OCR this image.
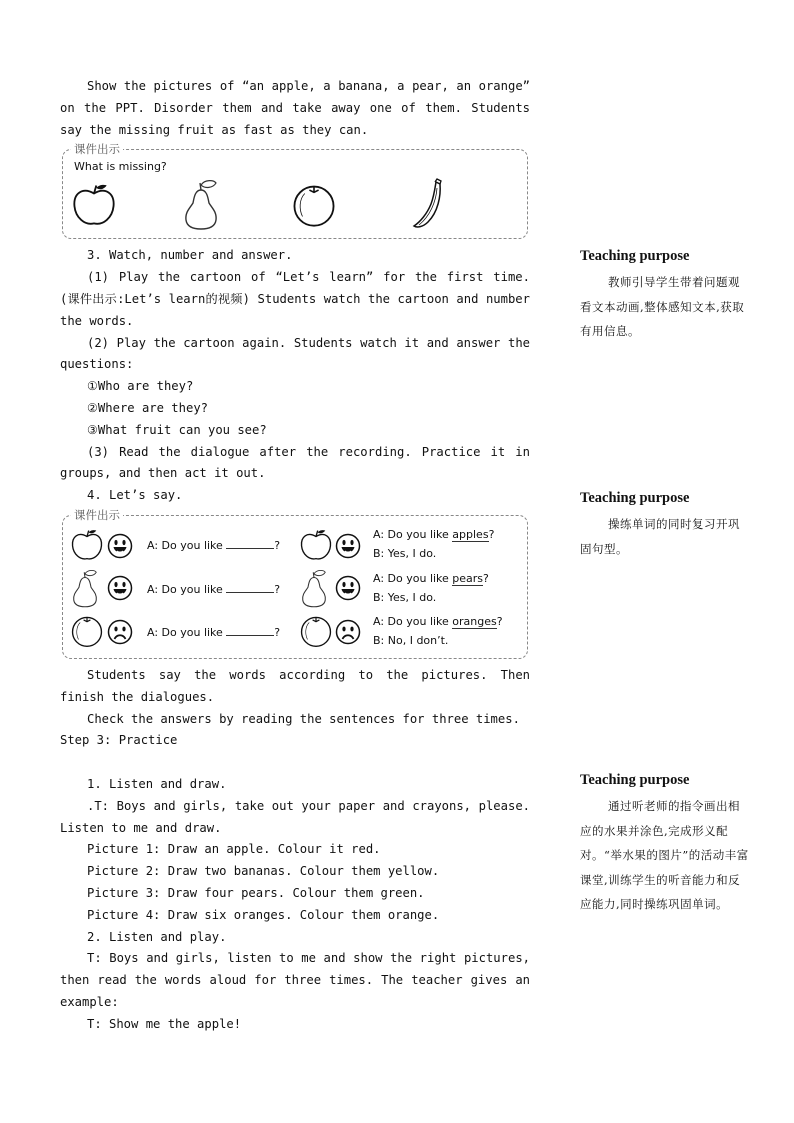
Show the pictures of “an apple, a banana, a pear, an orange” on the PPT. Disorder them and take away one of them. Students say the missing fruit as fast as they can.

课件出示
What is missing?

3. Watch, number and answer.

(1) Play the cartoon of “Let’s learn” for the first time. (课件出示:Let’s learn的视频) Students watch the cartoon and number the words.

(2) Play the cartoon again. Students watch it and answer the questions:

①Who are they?

②Where are they?

③What fruit can you see?

(3) Read the dialogue after the recording. Practice it in groups, and then act it out.

4. Let’s say.

课件出示
A: Do you like	?
A: Do you like apples?
B: Yes, I do.
A: Do you like	?
A: Do you like pears?
B: Yes, I do.
A: Do you like	?
A: Do you like oranges?
B: No, I don’t.

Students say the words according to the pictures. Then finish the dialogues.

Check the answers by reading the sentences for three times.

Step 3: Practice

1. Listen and draw.

.T: Boys and girls, take out your paper and crayons, please. Listen to me and draw.

Picture 1: Draw an apple. Colour it red.

Picture 2: Draw two bananas. Colour them yellow.

Picture 3: Draw four pears. Colour them green.

Picture 4: Draw six oranges. Colour them orange.

2. Listen and play.

T: Boys and girls, listen to me and show the right pictures, then read the words aloud for three times. The teacher gives an example:

T: Show me the apple!

Teaching purpose

教师引导学生带着问题观看文本动画,整体感知文本,获取有用信息。

Teaching purpose

操练单词的同时复习开巩固句型。

Teaching purpose

通过听老师的指令画出相应的水果并涂色,完成形义配对。“举水果的图片”的活动丰富课堂,训练学生的听音能力和反应能力,同时操练巩固单词。
